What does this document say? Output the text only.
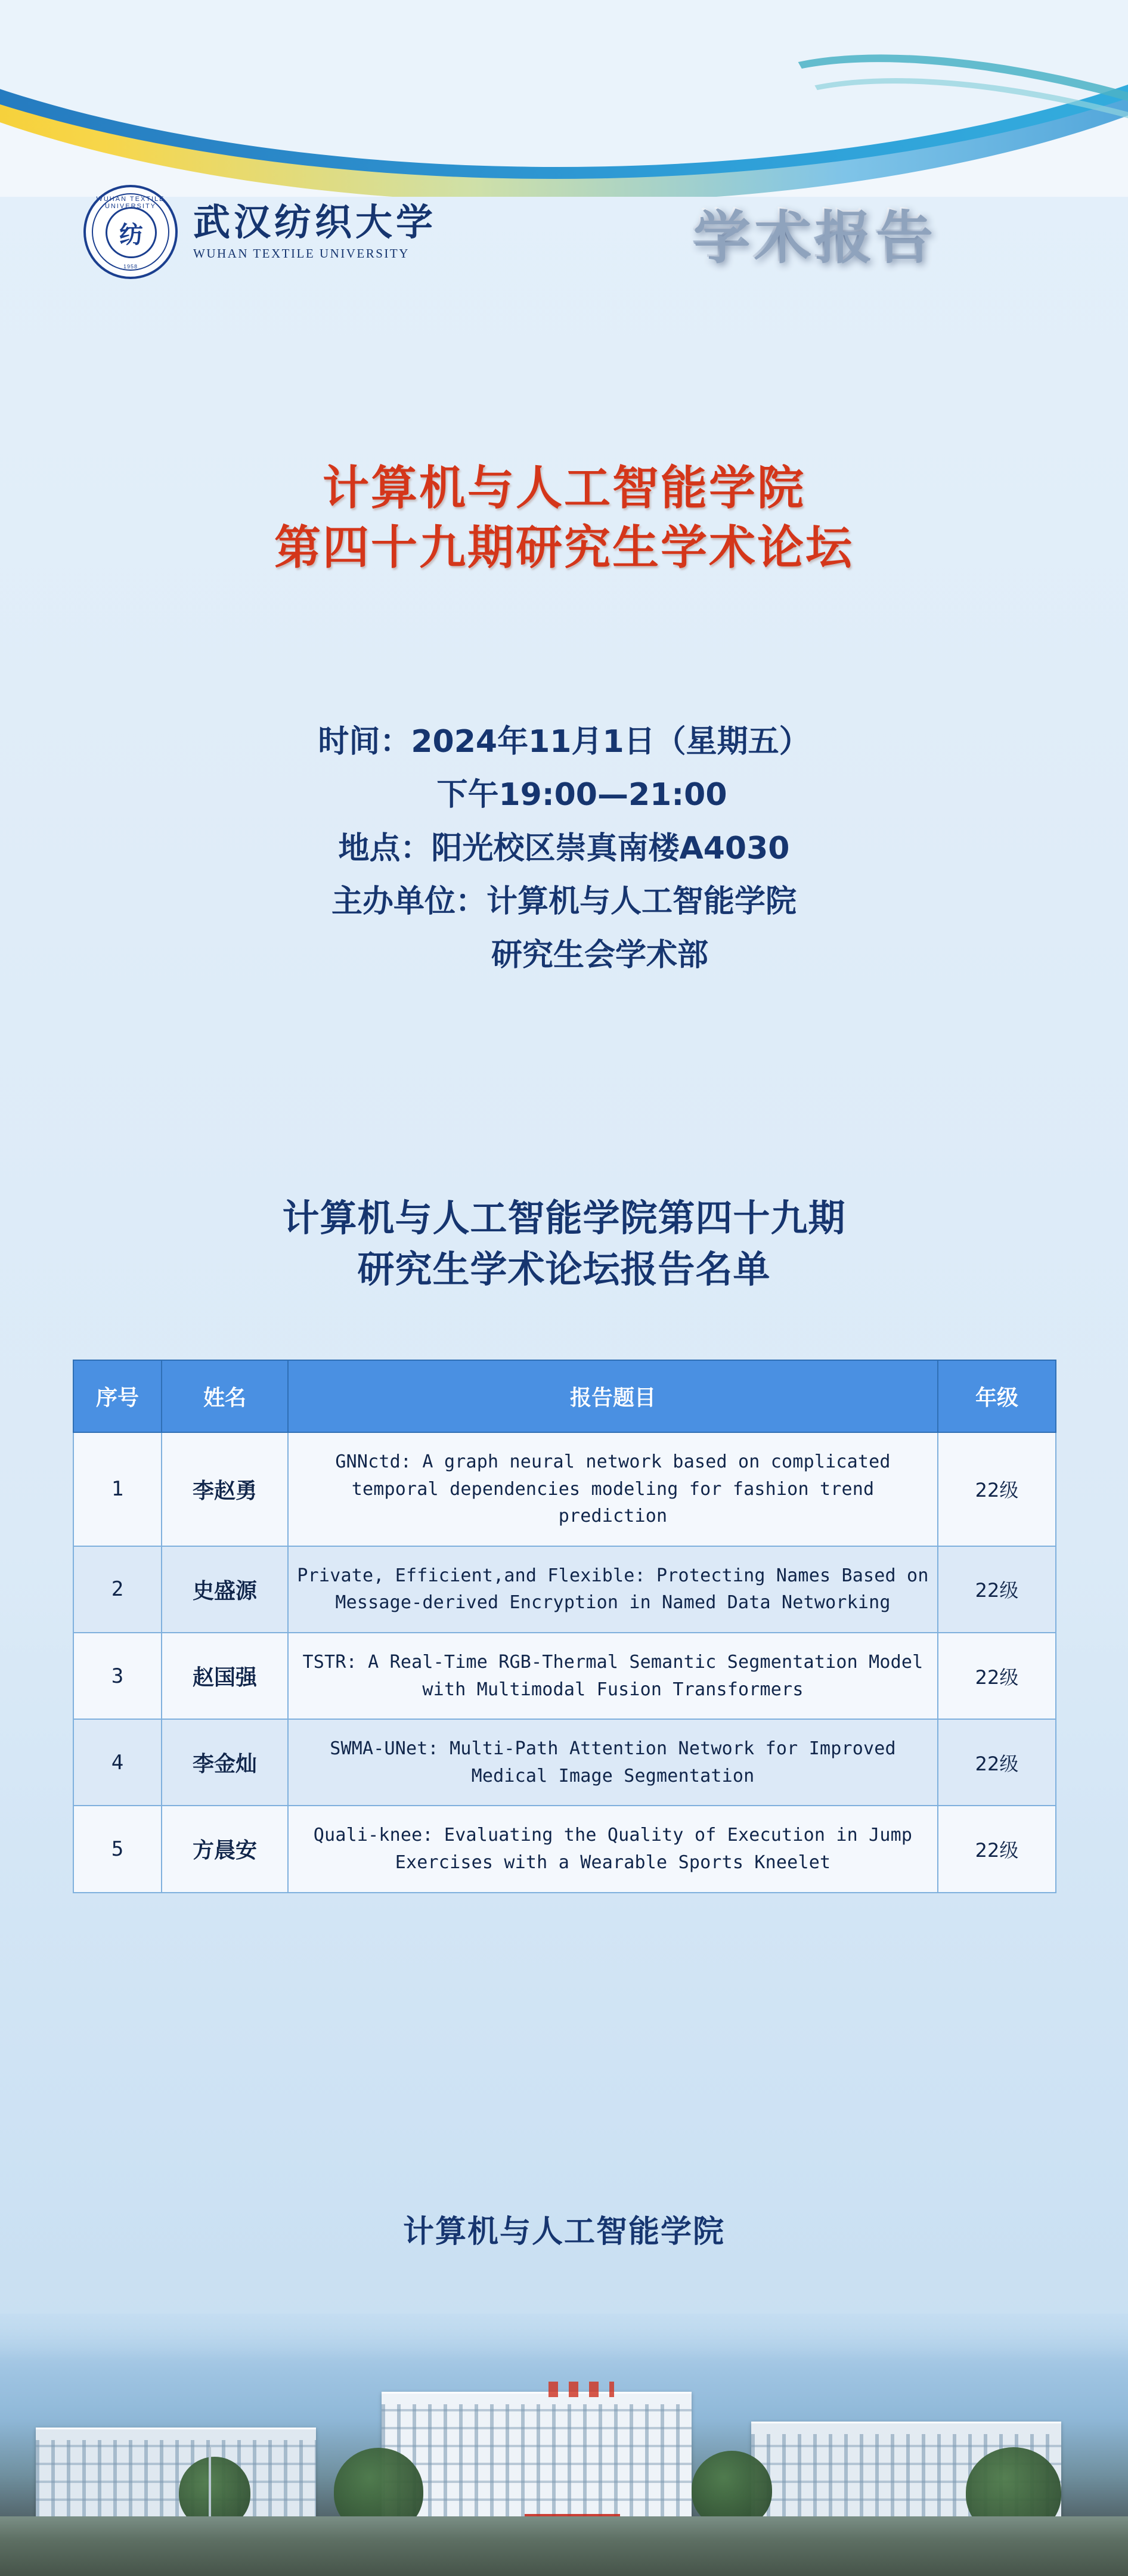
WUHAN TEXTILE UNIVERSITY
纺
1958
武汉纺织大学
WUHAN TEXTILE UNIVERSITY	学术报告
计算机与人工智能学院
第四十九期研究生学术论坛
时间：2024年11月1日（星期五）
下午19:00—21:00
地点：阳光校区崇真南楼A4030
主办单位：计算机与人工智能学院
研究生会学术部
计算机与人工智能学院第四十九期
研究生学术论坛报告名单
序号	姓名	报告题目	年级
1	李赵勇	GNNctd: A graph neural network based on complicated temporal dependencies modeling for fashion trend prediction	22级
2	史盛源	Private, Efficient,and Flexible: Protecting Names Based on Message-derived Encryption in Named Data Networking	22级
3	赵国强	TSTR: A Real-Time RGB-Thermal Semantic Segmentation Model with Multimodal Fusion Transformers	22级
4	李金灿	SWMA-UNet: Multi-Path Attention Network for Improved Medical Image Segmentation	22级
5	方晨安	Quali-knee: Evaluating the Quality of Execution in Jump Exercises with a Wearable Sports Kneelet	22级
计算机与人工智能学院
